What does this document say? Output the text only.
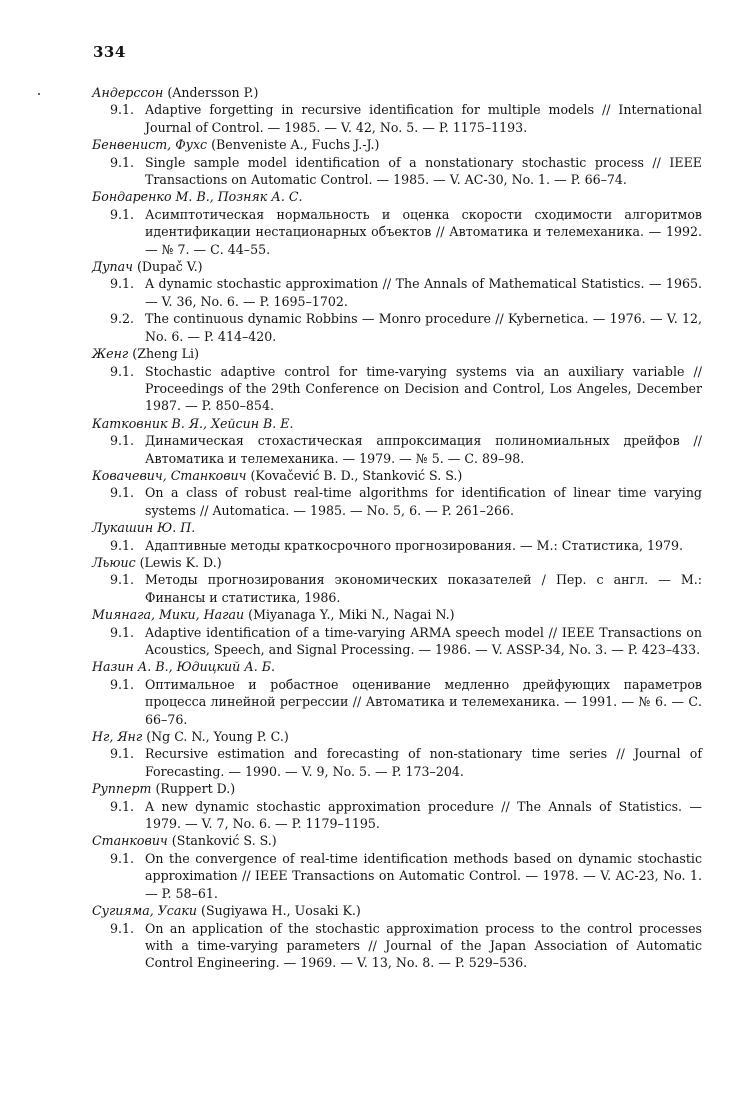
334
Андерссон (Andersson P.)
9.1. Adaptive forgetting in recursive identification for multiple models // International Journal of Control. — 1985. — V. 42, No. 5. — P. 1175–1193.
Бенвенист, Фухс (Benveniste A., Fuchs J.-J.)
9.1. Single sample model identification of a nonstationary stochastic process // IEEE Transactions on Automatic Control. — 1985. — V. AC-30, No. 1. — P. 66–74.
Бондаренко М. В., Позняк А. С.
9.1. Асимптотическая нормальность и оценка скорости сходимости алгоритмов идентификации нестационарных объектов // Автоматика и телемеханика. — 1992. — № 7. — С. 44–55.
Дупач (Dupač V.)
9.1. A dynamic stochastic approximation // The Annals of Mathematical Statistics. — 1965. — V. 36, No. 6. — P. 1695–1702.
9.2. The continuous dynamic Robbins — Monro procedure // Kybernetica. — 1976. — V. 12, No. 6. — P. 414–420.
Женг (Zheng Li)
9.1. Stochastic adaptive control for time-varying systems via an auxiliary variable // Proceedings of the 29th Conference on Decision and Control, Los Angeles, December 1987. — P. 850–854.
Катковник В. Я., Хейсин В. Е.
9.1. Динамическая стохастическая аппроксимация полиномиальных дрейфов // Автоматика и телемеханика. — 1979. — № 5. — С. 89–98.
Ковачевич, Станкович (Kovačević B. D., Stanković S. S.)
9.1. On a class of robust real-time algorithms for identification of linear time varying systems // Automatica. — 1985. — No. 5, 6. — P. 261–266.
Лукашин Ю. П.
9.1. Адаптивные методы краткосрочного прогнозирования. — М.: Статистика, 1979.
Льюис (Lewis K. D.)
9.1. Методы прогнозирования экономических показателей / Пер. с англ. — М.: Финансы и статистика, 1986.
Миянага, Мики, Нагаи (Miyanaga Y., Miki N., Nagai N.)
9.1. Adaptive identification of a time-varying ARMA speech model // IEEE Transactions on Acoustics, Speech, and Signal Processing. — 1986. — V. ASSP-34, No. 3. — P. 423–433.
Назин А. В., Юдицкий А. Б.
9.1. Оптимальное и робастное оценивание медленно дрейфующих параметров процесса линейной регрессии // Автоматика и телемеханика. — 1991. — № 6. — С. 66–76.
Нг, Янг (Ng C. N., Young P. C.)
9.1. Recursive estimation and forecasting of non-stationary time series // Journal of Forecasting. — 1990. — V. 9, No. 5. — P. 173–204.
Рупперт (Ruppert D.)
9.1. A new dynamic stochastic approximation procedure // The Annals of Statistics. — 1979. — V. 7, No. 6. — P. 1179–1195.
Станкович (Stanković S. S.)
9.1. On the convergence of real-time identification methods based on dynamic stochastic approximation // IEEE Transactions on Automatic Control. — 1978. — V. AC-23, No. 1. — P. 58–61.
Сугияма, Усаки (Sugiyawa H., Uosaki K.)
9.1. On an application of the stochastic approximation process to the control processes with a time-varying parameters // Journal of the Japan Association of Automatic Control Engineering. — 1969. — V. 13, No. 8. — P. 529–536.
